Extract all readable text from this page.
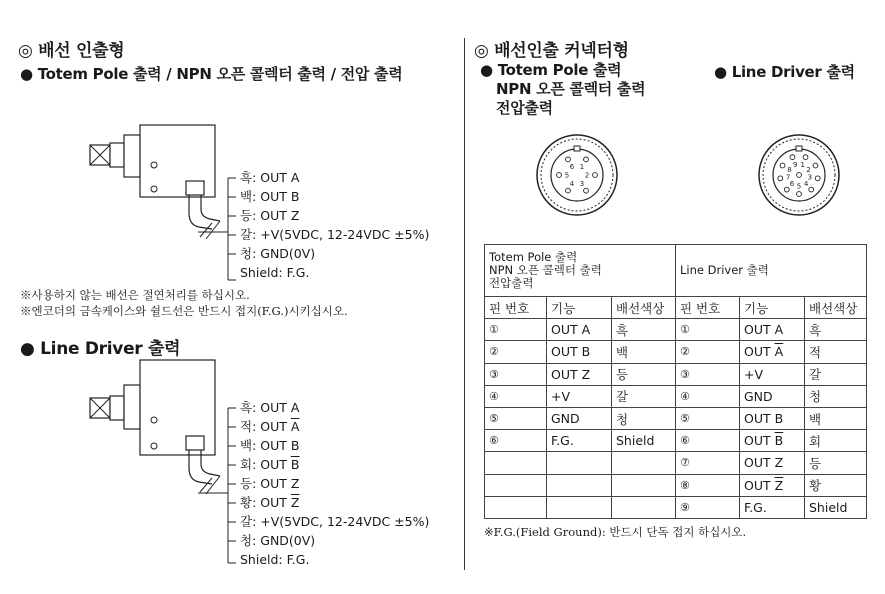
◎ 배선 인출형
● Totem Pole 출력 / NPN 오픈 콜렉터 출력 / 전압 출력
흑: OUT A
백: OUT B
등: OUT Z
갈: +V(5VDC, 12-24VDC ±5%)
청: GND(0V)
Shield: F.G.
※사용하지 않는 배선은 절연처리를 하십시오.
※엔코더의 금속케이스와 쉴드선은 반드시 접지(F.G.)시키십시오.
● Line Driver 출력
흑: OUT A
적: OUT $\overline{A}$
백: OUT B
회: OUT $\overline{B}$
등: OUT Z
황: OUT $\overline{Z}$
갈: +V(5VDC, 12-24VDC ±5%)
청: GND(0V)
Shield: F.G.
◎ 배선인출 커넥터형
● Totem Pole 출력
NPN 오픈 콜렉터 출력
전압출력
● Line Driver 출력
1
2
3
4
5
6	1
2
3
4
5
6
7
8
9
Totem Pole 출력
NPN 오픈 콜렉터 출력
전압출력			Line Driver 출력		
핀 번호	기능	배선색상	핀 번호	기능	배선색상
①	OUT A	흑	①	OUT A	흑
②	OUT B	백	②	OUT $\overline{A}$	적
③	OUT Z	등	③	+V	갈
④	+V	갈	④	GND	청
⑤	GND	청	⑤	OUT B	백
⑥	F.G.	Shield	⑥	OUT $\overline{B}$	회
			⑦	OUT Z	등
			⑧	OUT $\overline{Z}$	황
			⑨	F.G.	Shield
※F.G.(Field Ground): 반드시 단독 접지 하십시오.
